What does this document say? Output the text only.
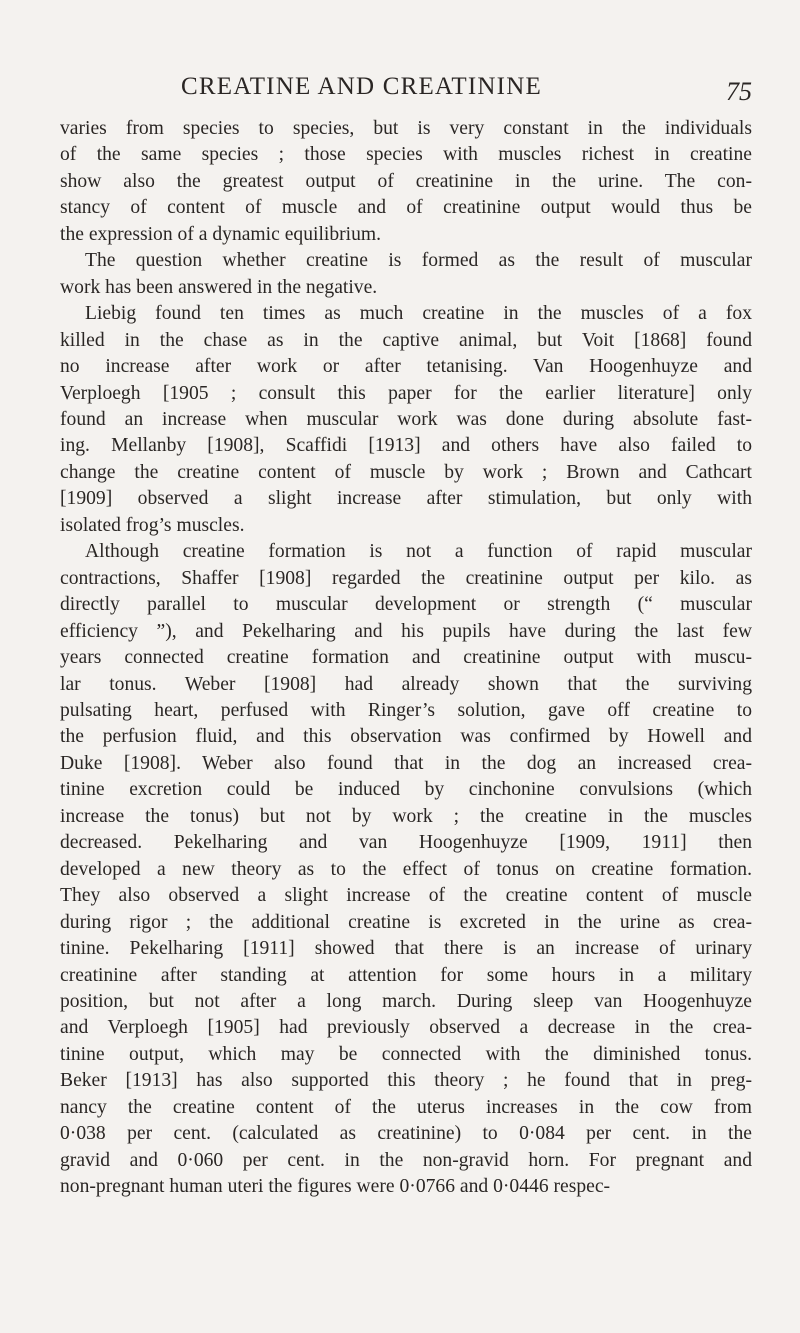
CREATINE AND CREATININE	75

varies from species to species, but is very constant in the individuals

of the same species ; those species with muscles richest in creatine

show also the greatest output of creatinine in the urine. The con-

stancy of content of muscle and of creatinine output would thus be

the expression of a dynamic equilibrium.

The question whether creatine is formed as the result of muscular

work has been answered in the negative.

Liebig found ten times as much creatine in the muscles of a fox

killed in the chase as in the captive animal, but Voit [1868] found

no increase after work or after tetanising. Van Hoogenhuyze and

Verploegh [1905 ; consult this paper for the earlier literature] only

found an increase when muscular work was done during absolute fast-

ing. Mellanby [1908], Scaffidi [1913] and others have also failed to

change the creatine content of muscle by work ; Brown and Cathcart

[1909] observed a slight increase after stimulation, but only with

isolated frog’s muscles.

Although creatine formation is not a function of rapid muscular

contractions, Shaffer [1908] regarded the creatinine output per kilo. as

directly parallel to muscular development or strength (“ muscular

efficiency ”), and Pekelharing and his pupils have during the last few

years connected creatine formation and creatinine output with muscu-

lar tonus. Weber [1908] had already shown that the surviving

pulsating heart, perfused with Ringer’s solution, gave off creatine to

the perfusion fluid, and this observation was confirmed by Howell and

Duke [1908]. Weber also found that in the dog an increased crea-

tinine excretion could be induced by cinchonine convulsions (which

increase the tonus) but not by work ; the creatine in the muscles

decreased. Pekelharing and van Hoogenhuyze [1909, 1911] then

developed a new theory as to the effect of tonus on creatine formation.

They also observed a slight increase of the creatine content of muscle

during rigor ; the additional creatine is excreted in the urine as crea-

tinine. Pekelharing [1911] showed that there is an increase of urinary

creatinine after standing at attention for some hours in a military

position, but not after a long march. During sleep van Hoogenhuyze

and Verploegh [1905] had previously observed a decrease in the crea-

tinine output, which may be connected with the diminished tonus.

Beker [1913] has also supported this theory ; he found that in preg-

nancy the creatine content of the uterus increases in the cow from

0·038 per cent. (calculated as creatinine) to 0·084 per cent. in the

gravid and 0·060 per cent. in the non-gravid horn. For pregnant and

non-pregnant human uteri the figures were 0·0766 and 0·0446 respec-
